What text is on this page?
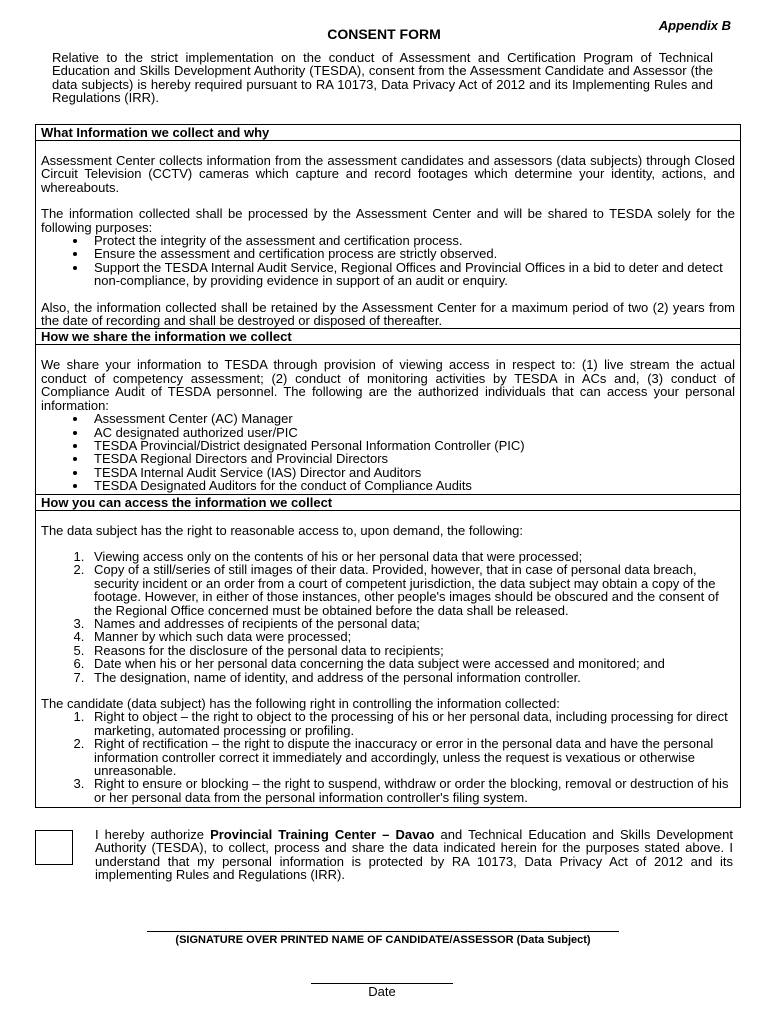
Appendix B
CONSENT FORM
Relative to the strict implementation on the conduct of Assessment and Certification Program of Technical Education and Skills Development Authority (TESDA), consent from the Assessment Candidate and Assessor (the data subjects) is hereby required pursuant to RA 10173, Data Privacy Act of 2012 and its Implementing Rules and Regulations (IRR).
What Information we collect and why

Assessment Center collects information from the assessment candidates and assessors (data subjects) through Closed Circuit Television (CCTV) cameras which capture and record footages which determine your identity, actions, and whereabouts.

The information collected shall be processed by the Assessment Center and will be shared to TESDA solely for the following purposes:

• Protect the integrity of the assessment and certification process.
• Ensure the assessment and certification process are strictly observed.
• Support the TESDA Internal Audit Service, Regional Offices and Provincial Offices in a bid to deter and detect non-compliance, by providing evidence in support of an audit or enquiry.

Also, the information collected shall be retained by the Assessment Center for a maximum period of two (2) years from the date of recording and shall be destroyed or disposed of thereafter.

How we share the information we collect

We share your information to TESDA through provision of viewing access in respect to: (1) live stream the actual conduct of competency assessment; (2) conduct of monitoring activities by TESDA in ACs and, (3) conduct of Compliance Audit of TESDA personnel. The following are the authorized individuals that can access your personal information:

• Assessment Center (AC) Manager
• AC designated authorized user/PIC
• TESDA Provincial/District designated Personal Information Controller (PIC)
• TESDA Regional Directors and Provincial Directors
• TESDA Internal Audit Service (IAS) Director and Auditors
• TESDA Designated Auditors for the conduct of Compliance Audits
How you can access the information we collect

The data subject has the right to reasonable access to, upon demand, the following:

1. Viewing access only on the contents of his or her personal data that were processed;
2. Copy of a still/series of still images of their data. Provided, however, that in case of personal data breach, security incident or an order from a court of competent jurisdiction, the data subject may obtain a copy of the footage. However, in either of those instances, other people's images should be obscured and the consent of the Regional Office concerned must be obtained before the data shall be released.
3. Names and addresses of recipients of the personal data;
4. Manner by which such data were processed;
5. Reasons for the disclosure of the personal data to recipients;
6. Date when his or her personal data concerning the data subject were accessed and monitored; and
7. The designation, name of identity, and address of the personal information controller.

The candidate (data subject) has the following right in controlling the information collected:

1. Right to object – the right to object to the processing of his or her personal data, including processing for direct marketing, automated processing or profiling.
2. Right of rectification – the right to dispute the inaccuracy or error in the personal data and have the personal information controller correct it immediately and accordingly, unless the request is vexatious or otherwise unreasonable.
3. Right to ensure or blocking – the right to suspend, withdraw or order the blocking, removal or destruction of his or her personal data from the personal information controller's filing system.
I hereby authorize Provincial Training Center – Davao and Technical Education and Skills Development Authority (TESDA), to collect, process and share the data indicated herein for the purposes stated above. I understand that my personal information is protected by RA 10173, Data Privacy Act of 2012 and its implementing Rules and Regulations (IRR).
(SIGNATURE OVER PRINTED NAME OF CANDIDATE/ASSESSOR (Data Subject)
Date
